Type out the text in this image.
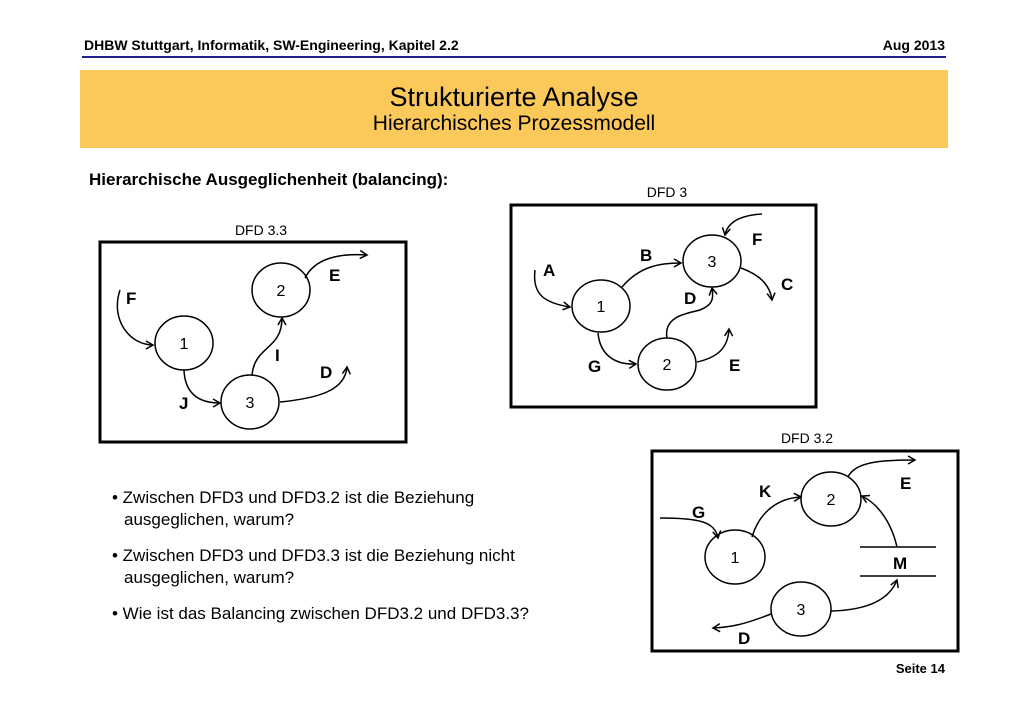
DHBW Stuttgart, Informatik, SW-Engineering, Kapitel 2.2	Aug 2013
Strukturierte Analyse
Hierarchisches Prozessmodell
Hierarchische Ausgeglichenheit (balancing):
DFD 3.3
1
2
3
F
E
I
D
J
DFD 3
1
2
3
A
B
F
C
D
G	E
DFD 3.2
1
2
3
M
K	E
G
D
• Zwischen DFD3 und DFD3.2 ist die Beziehung ausgeglichen, warum?
• Zwischen DFD3 und DFD3.3 ist die Beziehung nicht ausgeglichen, warum?
• Wie ist das Balancing zwischen DFD3.2 und DFD3.3?
Seite 14
